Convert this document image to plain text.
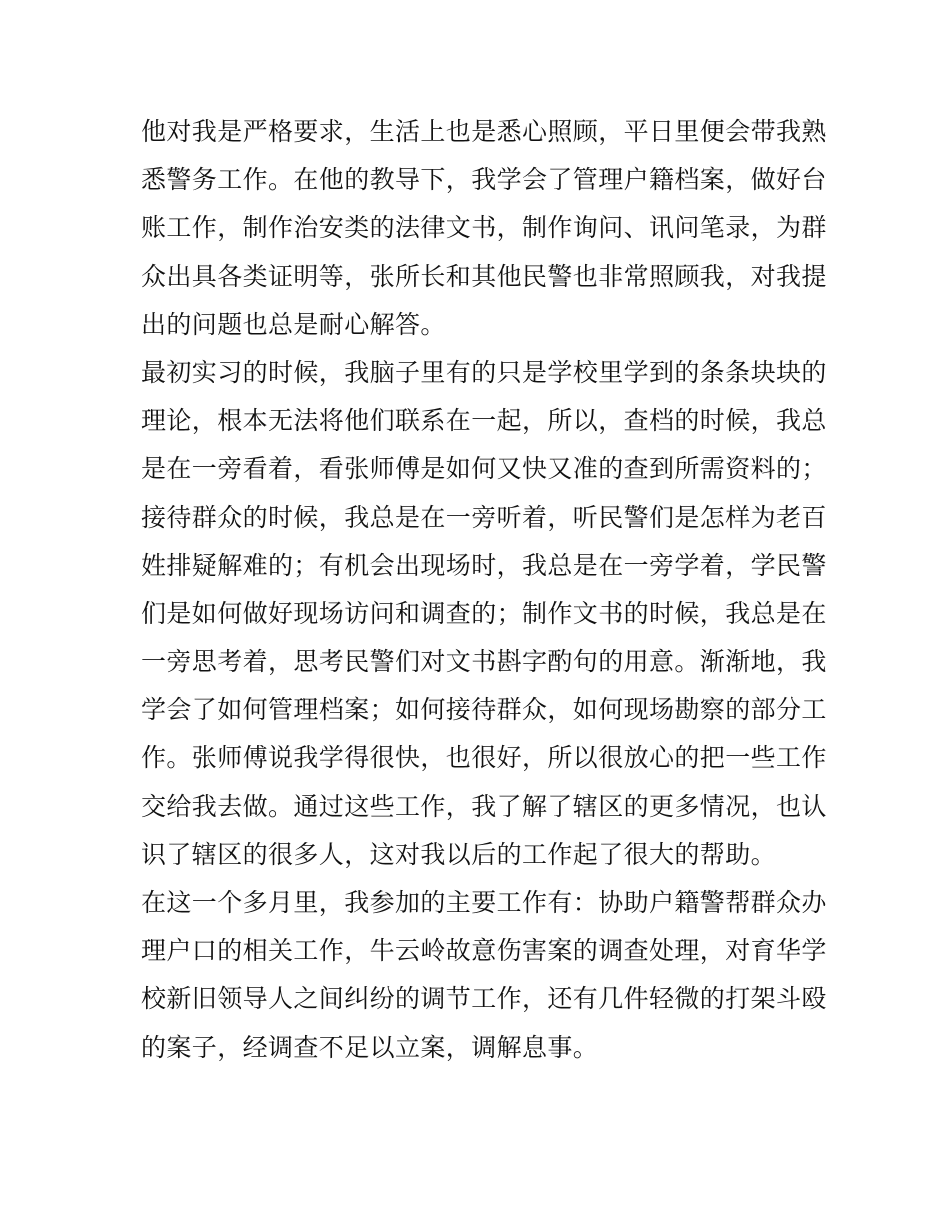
他对我是严格要求，生活上也是悉心照顾，平日里便会带我熟
悉警务工作。在他的教导下，我学会了管理户籍档案，做好台
账工作，制作治安类的法律文书，制作询问、讯问笔录，为群
众出具各类证明等，张所长和其他民警也非常照顾我，对我提
出的问题也总是耐心解答。
最初实习的时候，我脑子里有的只是学校里学到的条条块块的
理论，根本无法将他们联系在一起，所以，查档的时候，我总
是在一旁看着，看张师傅是如何又快又准的查到所需资料的；
接待群众的时候，我总是在一旁听着，听民警们是怎样为老百
姓排疑解难的；有机会出现场时，我总是在一旁学着，学民警
们是如何做好现场访问和调查的；制作文书的时候，我总是在
一旁思考着，思考民警们对文书斟字酌句的用意。渐渐地，我
学会了如何管理档案；如何接待群众，如何现场勘察的部分工
作。张师傅说我学得很快，也很好，所以很放心的把一些工作
交给我去做。通过这些工作，我了解了辖区的更多情况，也认
识了辖区的很多人，这对我以后的工作起了很大的帮助。
在这一个多月里，我参加的主要工作有：协助户籍警帮群众办
理户口的相关工作，牛云岭故意伤害案的调查处理，对育华学
校新旧领导人之间纠纷的调节工作，还有几件轻微的打架斗殴
的案子，经调查不足以立案，调解息事。
